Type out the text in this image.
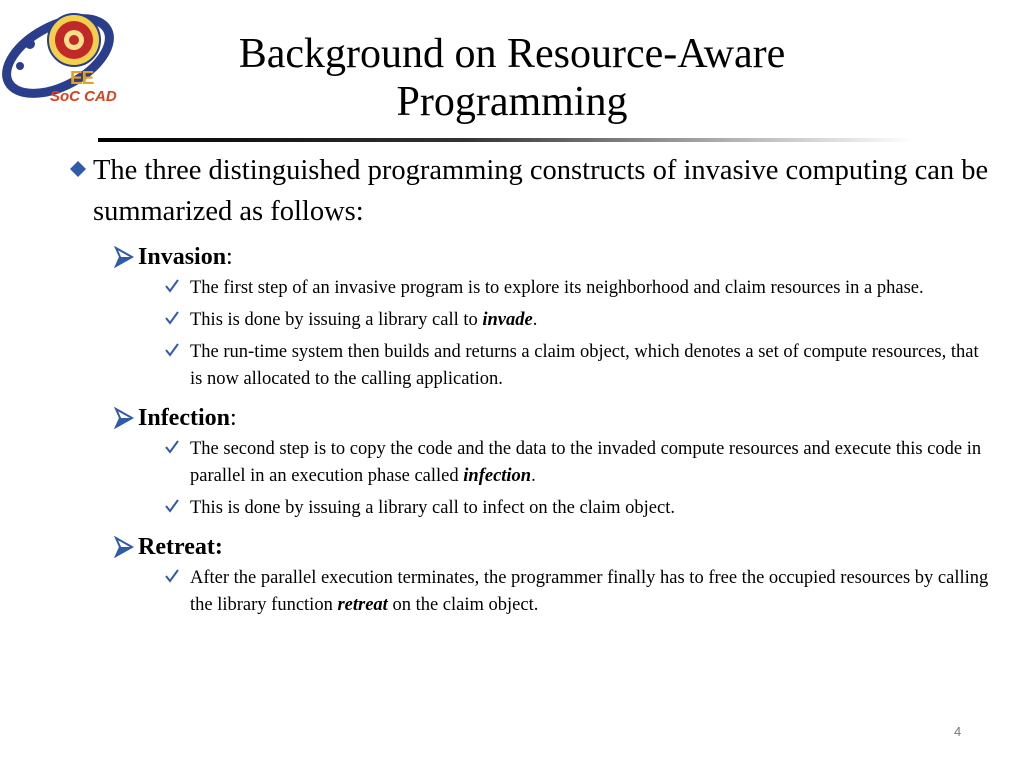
EE
SoC CAD
Background on Resource-Aware Programming

The three distinguished programming constructs of invasive computing can be summarized as follows:

Invasion:

The first step of an invasive program is to explore its neighborhood and claim resources in a phase.

This is done by issuing a library call to invade.

The run-time system then builds and returns a claim object, which denotes a set of compute resources, that is now allocated to the calling application.

Infection:

The second step is to copy the code and the data to the invaded compute resources and execute this code in parallel in an execution phase called infection.

This is done by issuing a library call to infect on the claim object.

Retreat:

After the parallel execution terminates, the programmer finally has to free the occupied resources by calling the library function retreat on the claim object.

4
